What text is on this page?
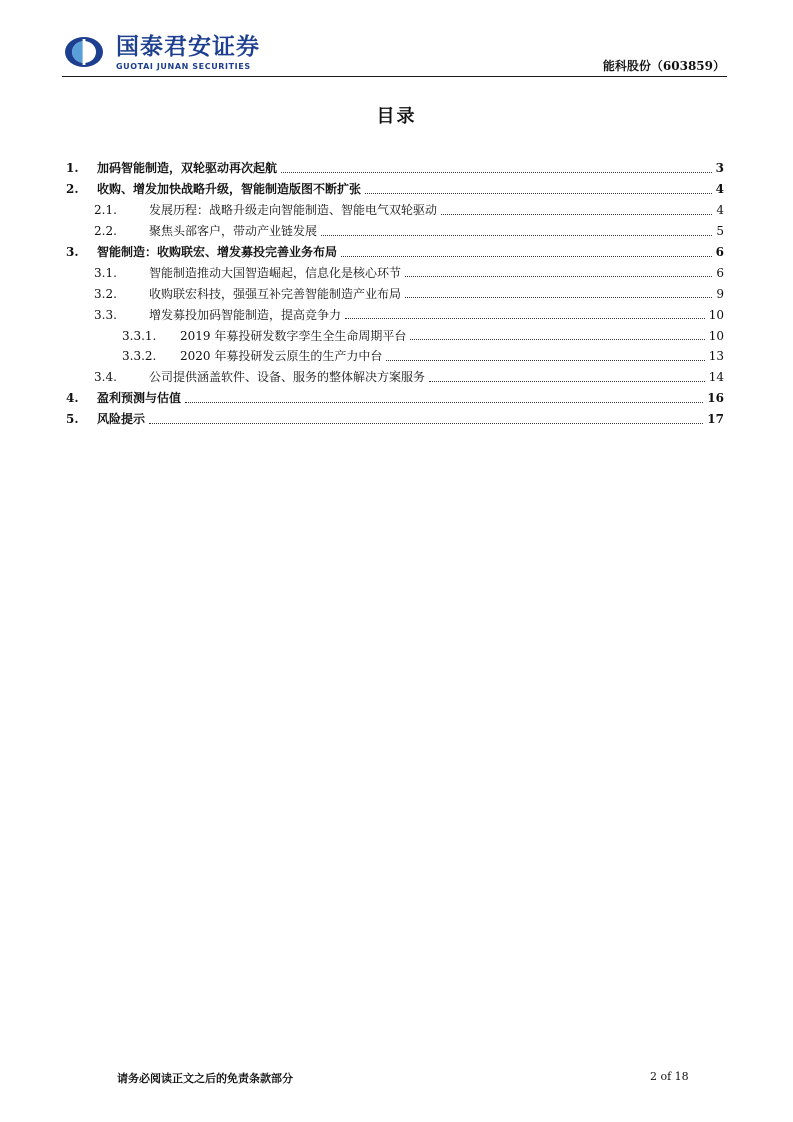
国泰君安证券
GUOTAI JUNAN SECURITIES	能科股份（603859）
目录
1.	加码智能制造，双轮驱动再次起航	3
2.	收购、增发加快战略升级，智能制造版图不断扩张	4
2.1.	发展历程：战略升级走向智能制造、智能电气双轮驱动	4
2.2.	聚焦头部客户，带动产业链发展	5
3.	智能制造：收购联宏、增发募投完善业务布局	6
3.1.	智能制造推动大国智造崛起，信息化是核心环节	6
3.2.	收购联宏科技，强强互补完善智能制造产业布局	9
3.3.	增发募投加码智能制造，提高竞争力	10
3.3.1.	2019 年募投研发数字孪生全生命周期平台	10
3.3.2.	2020 年募投研发云原生的生产力中台	13
3.4.	公司提供涵盖软件、设备、服务的整体解决方案服务	14
4.	盈利预测与估值	16
5.	风险提示	17
请务必阅读正文之后的免责条款部分	2 of 18
